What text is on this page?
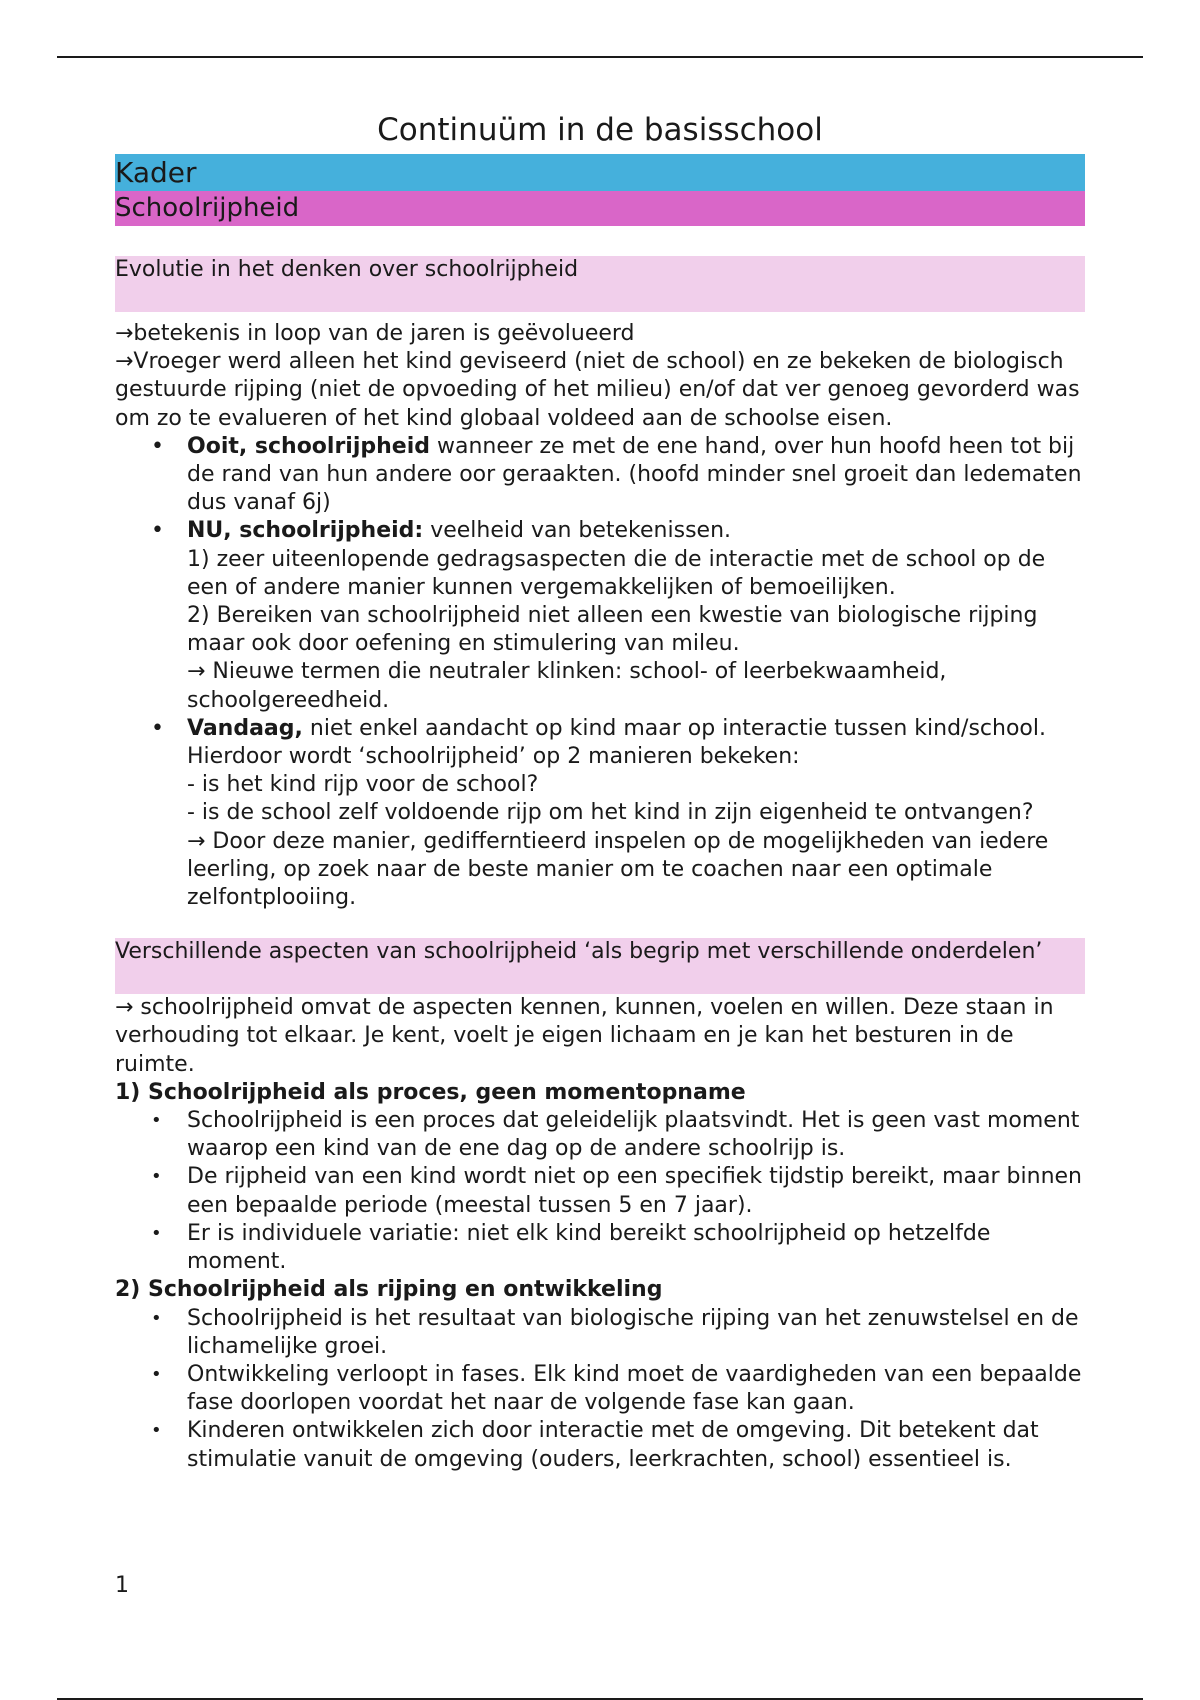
Continuüm in de basisschool
Kader
Schoolrijpheid
Evolutie in het denken over schoolrijpheid

→betekenis in loop van de jaren is geëvolueerd

→Vroeger werd alleen het kind geviseerd (niet de school) en ze bekeken de biologisch gestuurde rijping (niet de opvoeding of het milieu) en/of dat ver genoeg gevorderd was om zo te evalueren of het kind globaal voldeed aan de schoolse eisen.

• Ooit, schoolrijpheid wanneer ze met de ene hand, over hun hoofd heen tot bij de rand van hun andere oor geraakten. (hoofd minder snel groeit dan ledematen dus vanaf 6j)
• NU, schoolrijpheid: veelheid van betekenissen.
1) zeer uiteenlopende gedragsaspecten die de interactie met de school op de een of andere manier kunnen vergemakkelijken of bemoeilijken.
2) Bereiken van schoolrijpheid niet alleen een kwestie van biologische rijping maar ook door oefening en stimulering van mileu.
→ Nieuwe termen die neutraler klinken: school- of leerbekwaamheid, schoolgereedheid.
• Vandaag, niet enkel aandacht op kind maar op interactie tussen kind/school. Hierdoor wordt ‘schoolrijpheid’ op 2 manieren bekeken:
- is het kind rijp voor de school?
- is de school zelf voldoende rijp om het kind in zijn eigenheid te ontvangen?
→ Door deze manier, gedifferntieerd inspelen op de mogelijkheden van iedere leerling, op zoek naar de beste manier om te coachen naar een optimale zelfontplooiing.
Verschillende aspecten van schoolrijpheid ‘als begrip met verschillende onderdelen’

→ schoolrijpheid omvat de aspecten kennen, kunnen, voelen en willen. Deze staan in verhouding tot elkaar. Je kent, voelt je eigen lichaam en je kan het besturen in de ruimte.

1) Schoolrijpheid als proces, geen momentopname
• Schoolrijpheid is een proces dat geleidelijk plaatsvindt. Het is geen vast moment waarop een kind van de ene dag op de andere schoolrijp is.
• De rijpheid van een kind wordt niet op een specifiek tijdstip bereikt, maar binnen een bepaalde periode (meestal tussen 5 en 7 jaar).
• Er is individuele variatie: niet elk kind bereikt schoolrijpheid op hetzelfde moment.
2) Schoolrijpheid als rijping en ontwikkeling
• Schoolrijpheid is het resultaat van biologische rijping van het zenuwstelsel en de lichamelijke groei.
• Ontwikkeling verloopt in fases. Elk kind moet de vaardigheden van een bepaalde fase doorlopen voordat het naar de volgende fase kan gaan.
• Kinderen ontwikkelen zich door interactie met de omgeving. Dit betekent dat stimulatie vanuit de omgeving (ouders, leerkrachten, school) essentieel is.
1
